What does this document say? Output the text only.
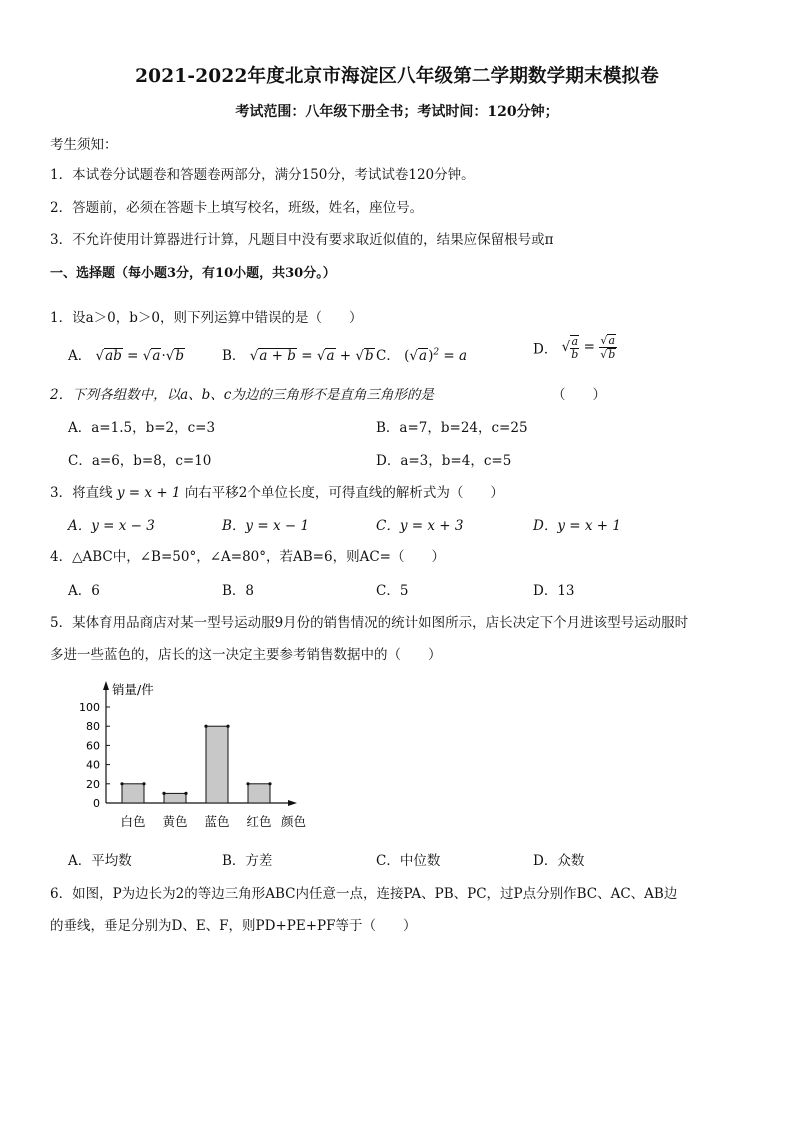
2021-2022年度北京市海淀区八年级第二学期数学期末模拟卷
考试范围：八年级下册全书；考试时间：120分钟；
考生须知：
1．本试卷分试题卷和答题卷两部分，满分150分，考试试卷120分钟。
2．答题前，必须在答题卡上填写校名，班级，姓名，座位号。
3．不允许使用计算器进行计算，凡题目中没有要求取近似值的，结果应保留根号或π
一、选择题（每小题3分，有10小题，共30分。）
1．设a＞0，b＞0，则下列运算中错误的是（　　）
A． √ab = √a·√b	B． √a + b = √a + √b C． $(√a)^2 = a$	D． √ $\frac{a}{b} = \frac{√a}{√b}$
2．下列各组数中，以a、b、c为边的三角形不是直角三角形的是	（　　）
A．a=1.5，b=2，c=3	B．a=7，b=24，c=25
C．a=6，b=8，c=10	D．a=3，b=4，c=5
3．将直线 y = x + 1 向右平移2个单位长度，可得直线的解析式为（　　）
A．y = x − 3	B．y = x − 1	C．y = x + 3	D．y = x + 1
4．△ABC中，∠B=50°，∠A=80°，若AB=6，则AC=（　　）
A．6	B．8	C．5	D．13
5．某体育用品商店对某一型号运动服9月份的销售情况的统计如图所示，店长决定下个月进该型号运动服时
多进一些蓝色的，店长的这一决定主要参考销售数据中的（　　）
0
20
40
60
80
100
白色 黄色 蓝色 红色
销量/件
颜色
A．平均数	B．方差	C．中位数	D．众数
6．如图，P为边长为2的等边三角形ABC内任意一点，连接PA、PB、PC，过P点分别作BC、AC、AB边
的垂线，垂足分别为D、E、F，则PD+PE+PF等于（　　）
